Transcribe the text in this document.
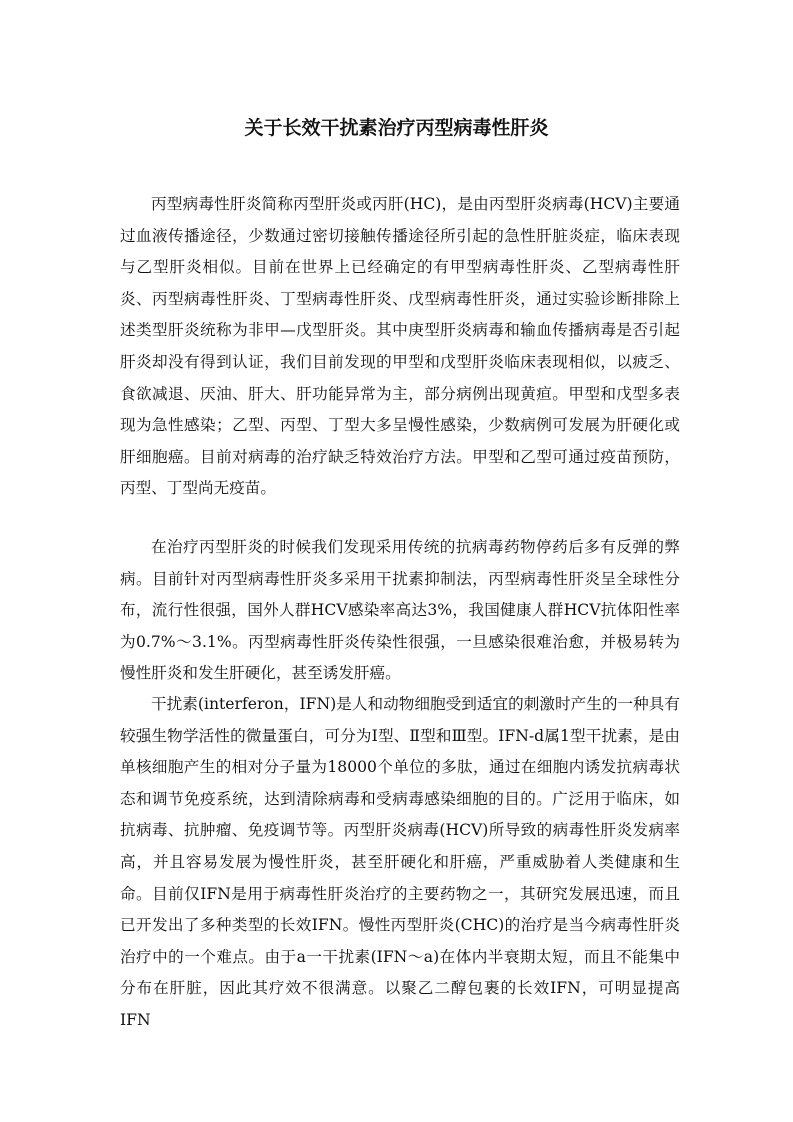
关于长效干扰素治疗丙型病毒性肝炎

丙型病毒性肝炎简称丙型肝炎或丙肝(HC)，是由丙型肝炎病毒(HCV)主要通过血液传播途径，少数通过密切接触传播途径所引起的急性肝脏炎症，临床表现与乙型肝炎相似。目前在世界上已经确定的有甲型病毒性肝炎、乙型病毒性肝炎、丙型病毒性肝炎、丁型病毒性肝炎、戊型病毒性肝炎，通过实验诊断排除上述类型肝炎统称为非甲—戊型肝炎。其中庚型肝炎病毒和输血传播病毒是否引起肝炎却没有得到认证，我们目前发现的甲型和戊型肝炎临床表现相似，以疲乏、食欲减退、厌油、肝大、肝功能异常为主，部分病例出现黄疸。甲型和戊型多表现为急性感染；乙型、丙型、丁型大多呈慢性感染，少数病例可发展为肝硬化或肝细胞癌。目前对病毒的治疗缺乏特效治疗方法。甲型和乙型可通过疫苗预防，丙型、丁型尚无疫苗。

在治疗丙型肝炎的时候我们发现采用传统的抗病毒药物停药后多有反弹的弊病。目前针对丙型病毒性肝炎多采用干扰素抑制法，丙型病毒性肝炎呈全球性分布，流行性很强，国外人群HCV感染率高达3%，我国健康人群HCV抗体阳性率为0.7%～3.1%。丙型病毒性肝炎传染性很强，一旦感染很难治愈，并极易转为慢性肝炎和发生肝硬化，甚至诱发肝癌。

干扰素(interferon，IFN)是人和动物细胞受到适宜的刺激时产生的一种具有较强生物学活性的微量蛋白，可分为Ⅰ型、Ⅱ型和Ⅲ型。IFN-d属1型干扰素，是由单核细胞产生的相对分子量为18000个单位的多肽，通过在细胞内诱发抗病毒状态和调节免疫系统，达到清除病毒和受病毒感染细胞的目的。广泛用于临床，如抗病毒、抗肿瘤、免疫调节等。丙型肝炎病毒(HCV)所导致的病毒性肝炎发病率高，并且容易发展为慢性肝炎，甚至肝硬化和肝癌，严重威胁着人类健康和生命。目前仅IFN是用于病毒性肝炎治疗的主要药物之一，其研究发展迅速，而且已开发出了多种类型的长效IFN。慢性丙型肝炎(CHC)的治疗是当今病毒性肝炎治疗中的一个难点。由于a一干扰素(IFN～a)在体内半衰期太短，而且不能集中分布在肝脏，因此其疗效不很满意。以聚乙二醇包裹的长效IFN，可明显提高IFN
